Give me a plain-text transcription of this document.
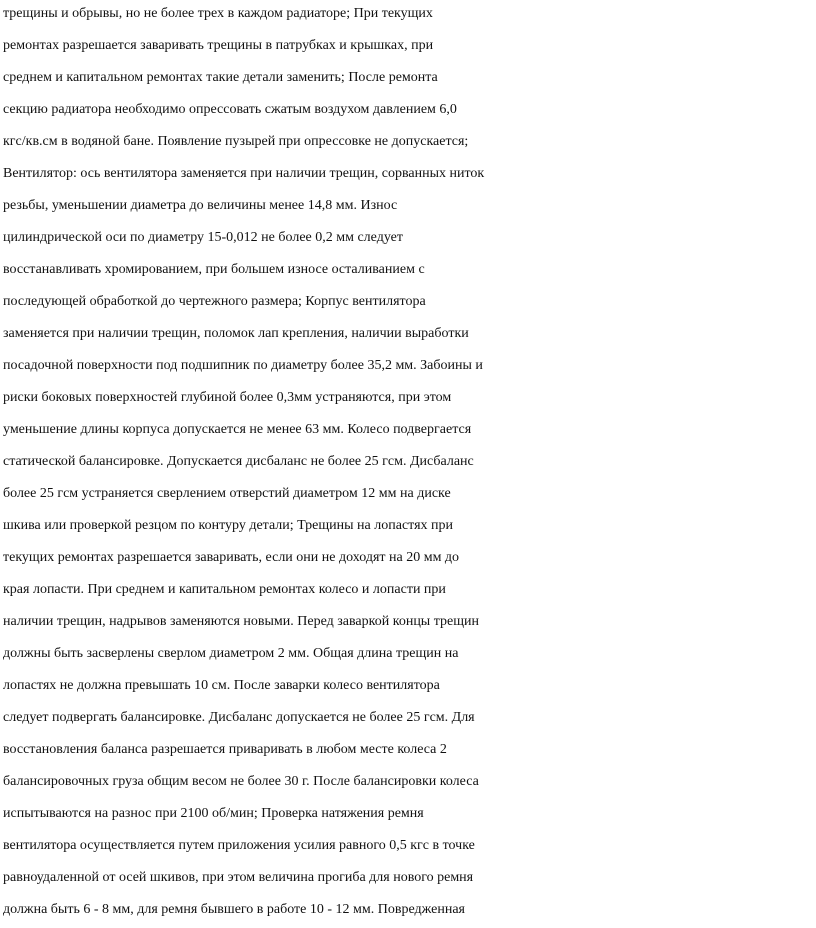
трещины и обрывы, но не более трех в каждом радиаторе; При текущих

ремонтах разрешается заваривать трещины в патрубках и крышках, при

среднем и капитальном ремонтах такие детали заменить; После ремонта

секцию радиатора необходимо опрессовать сжатым воздухом давлением 6,0

кгс/кв.см в водяной бане. Появление пузырей при опрессовке не допускается;

Вентилятор: ось вентилятора заменяется при наличии трещин, сорванных ниток

резьбы, уменьшении диаметра до величины менее 14,8 мм. Износ

цилиндрической оси по диаметру 15-0,012 не более 0,2 мм следует

восстанавливать хромированием, при большем износе осталиванием с

последующей обработкой до чертежного размера; Корпус вентилятора

заменяется при наличии трещин, поломок лап крепления, наличии выработки

посадочной поверхности под подшипник по диаметру более 35,2 мм. Забоины и

риски боковых поверхностей глубиной более 0,3мм устраняются, при этом

уменьшение длины корпуса допускается не менее 63 мм. Колесо подвергается

статической балансировке. Допускается дисбаланс не более 25 гсм. Дисбаланс

более 25 гсм устраняется сверлением отверстий диаметром 12 мм на диске

шкива или проверкой резцом по контуру детали; Трещины на лопастях при

текущих ремонтах разрешается заваривать, если они не доходят на 20 мм до

края лопасти. При среднем и капитальном ремонтах колесо и лопасти при

наличии трещин, надрывов заменяются новыми. Перед заваркой концы трещин

должны быть засверлены сверлом диаметром 2 мм. Общая длина трещин на

лопастях не должна превышать 10 см. После заварки колесо вентилятора

следует подвергать балансировке. Дисбаланс допускается не более 25 гсм. Для

восстановления баланса разрешается приваривать в любом месте колеса 2

балансировочных груза общим весом не более 30 г. После балансировки колеса

испытываются на разнос при 2100 об/мин; Проверка натяжения ремня

вентилятора осуществляется путем приложения усилия равного 0,5 кгс в точке

равноудаленной от осей шкивов, при этом величина прогиба для нового ремня

должна быть 6 - 8 мм, для ремня бывшего в работе 10 - 12 мм. Повредженная
